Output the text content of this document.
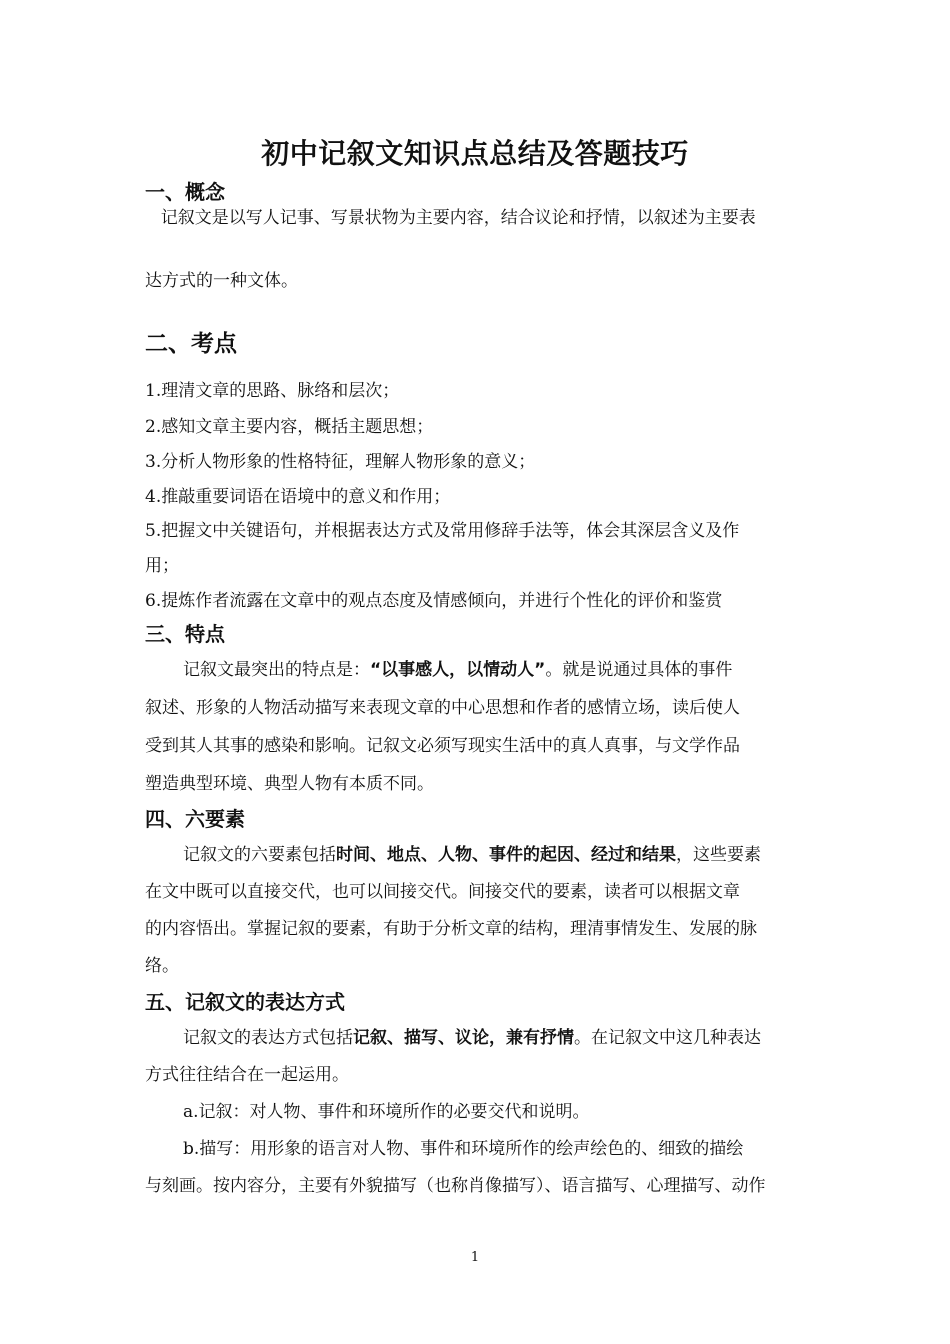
初中记叙文知识点总结及答题技巧
一、概念
记叙文是以写人记事、写景状物为主要内容，结合议论和抒情，以叙述为主要表
达方式的一种文体。
二、考点
1.理清文章的思路、脉络和层次；
2.感知文章主要内容，概括主题思想；
3.分析人物形象的性格特征，理解人物形象的意义；
4.推敲重要词语在语境中的意义和作用；
5.把握文中关键语句，并根据表达方式及常用修辞手法等，体会其深层含义及作
用；
6.提炼作者流露在文章中的观点态度及情感倾向，并进行个性化的评价和鉴赏
三、特点
记叙文最突出的特点是：“以事感人，以情动人”。就是说通过具体的事件
叙述、形象的人物活动描写来表现文章的中心思想和作者的感情立场，读后使人
受到其人其事的感染和影响。记叙文必须写现实生活中的真人真事，与文学作品
塑造典型环境、典型人物有本质不同。
四、六要素
记叙文的六要素包括时间、地点、人物、事件的起因、经过和结果，这些要素
在文中既可以直接交代，也可以间接交代。间接交代的要素，读者可以根据文章
的内容悟出。掌握记叙的要素，有助于分析文章的结构，理清事情发生、发展的脉
络。
五、记叙文的表达方式
记叙文的表达方式包括记叙、描写、议论，兼有抒情。在记叙文中这几种表达
方式往往结合在一起运用。
a.记叙：对人物、事件和环境所作的必要交代和说明。
b.描写：用形象的语言对人物、事件和环境所作的绘声绘色的、细致的描绘
与刻画。按内容分，主要有外貌描写（也称肖像描写）、语言描写、心理描写、动作
1
